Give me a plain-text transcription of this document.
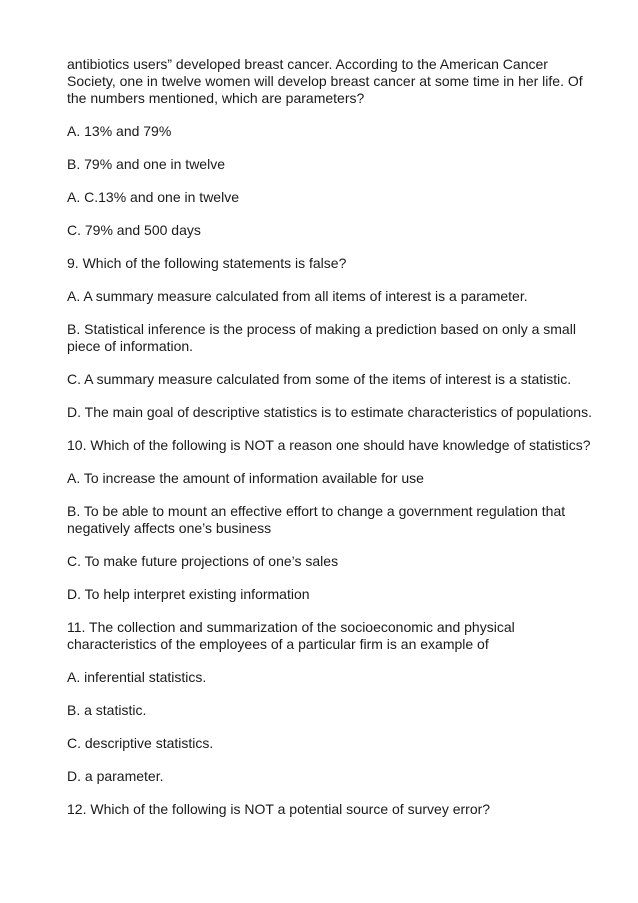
antibiotics users” developed breast cancer. According to the American Cancer Society, one in twelve women will develop breast cancer at some time in her life. Of the numbers mentioned, which are parameters?

A. 13% and 79%

B. 79% and one in twelve

A. C.13% and one in twelve

C. 79% and 500 days

9. Which of the following statements is false?

A. A summary measure calculated from all items of interest is a parameter.

B. Statistical inference is the process of making a prediction based on only a small piece of information.

C. A summary measure calculated from some of the items of interest is a statistic.

D. The main goal of descriptive statistics is to estimate characteristics of populations.

10. Which of the following is NOT a reason one should have knowledge of statistics?

A. To increase the amount of information available for use

B. To be able to mount an effective effort to change a government regulation that negatively affects one’s business

C. To make future projections of one’s sales

D. To help interpret existing information

11. The collection and summarization of the socioeconomic and physical characteristics of the employees of a particular firm is an example of

A. inferential statistics.

B. a statistic.

C. descriptive statistics.

D. a parameter.

12. Which of the following is NOT a potential source of survey error?
